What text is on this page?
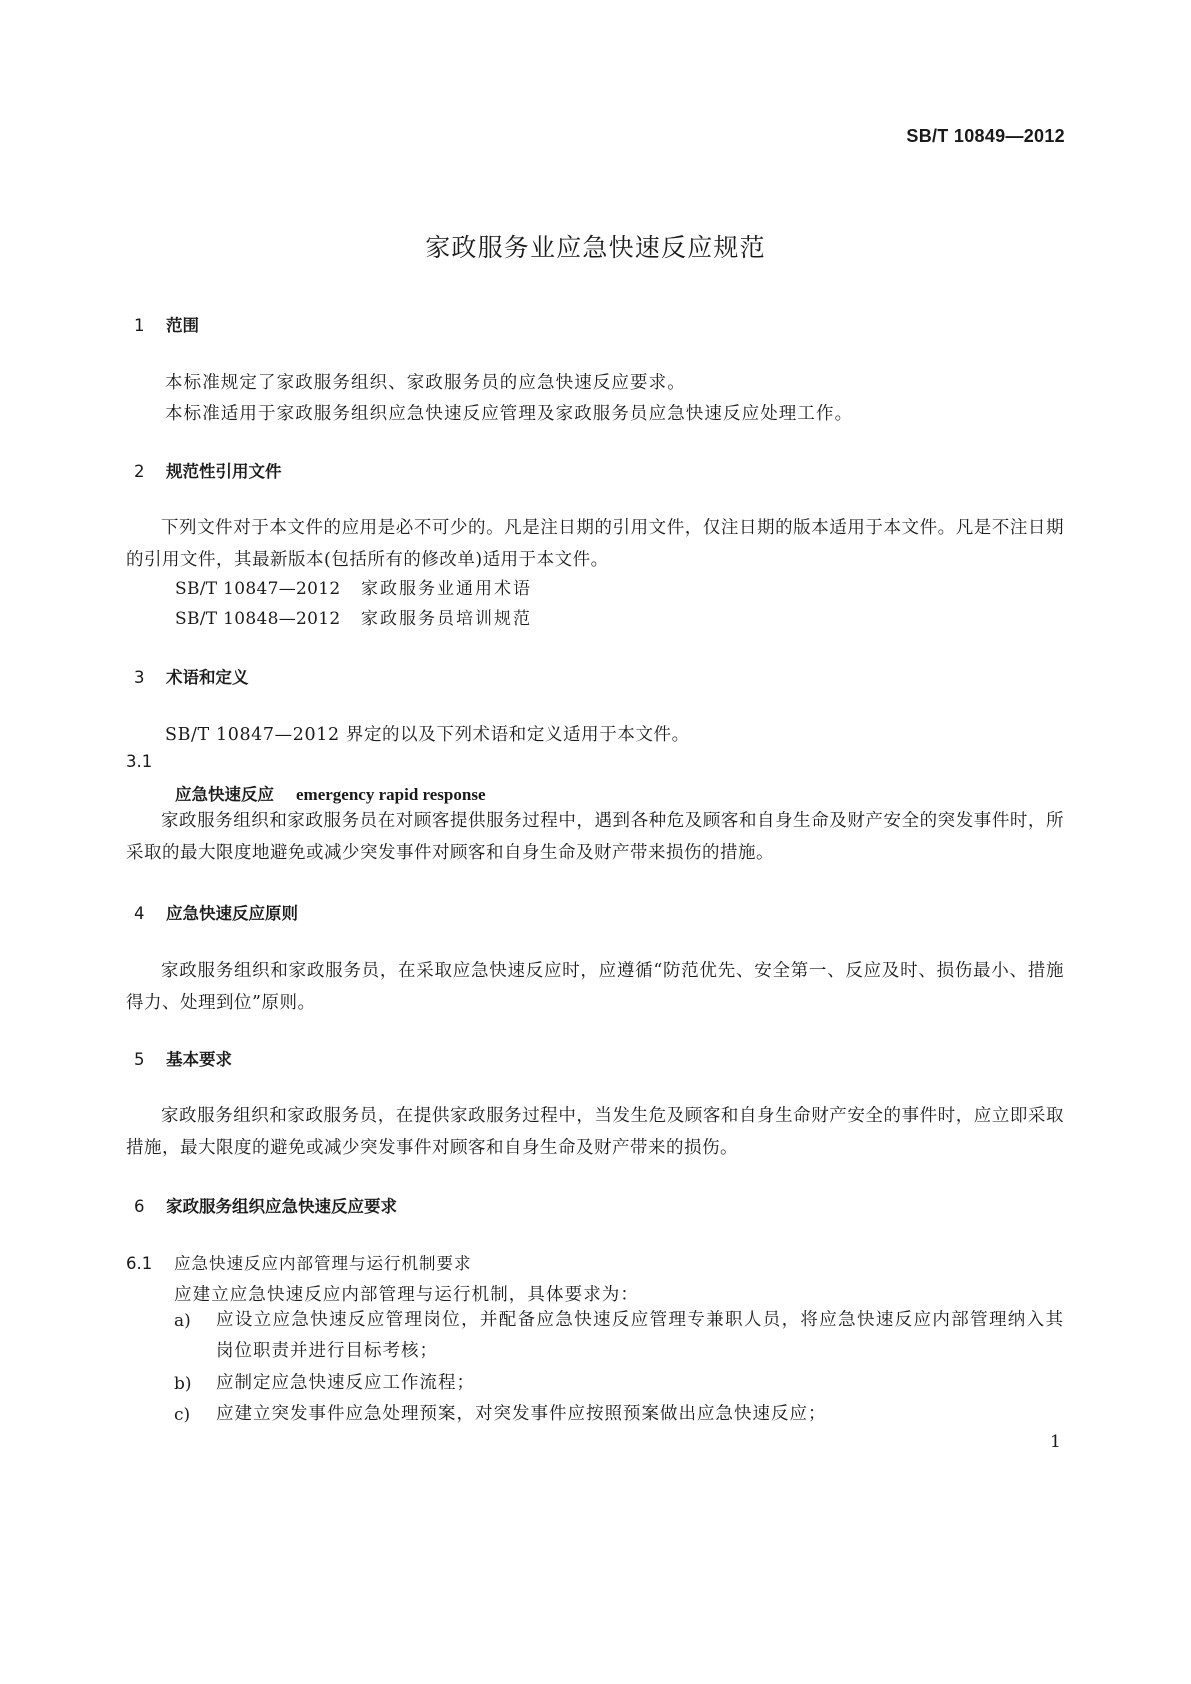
SB/T 10849—2012
家政服务业应急快速反应规范
1 范围
本标准规定了家政服务组织、家政服务员的应急快速反应要求。
本标准适用于家政服务组织应急快速反应管理及家政服务员应急快速反应处理工作。
2 规范性引用文件
下列文件对于本文件的应用是必不可少的。凡是注日期的引用文件，仅注日期的版本适用于本文件。凡是不注日期的引用文件，其最新版本(包括所有的修改单)适用于本文件。
SB/T 10847—2012 家政服务业通用术语
SB/T 10848—2012 家政服务员培训规范
3 术语和定义
SB/T 10847—2012 界定的以及下列术语和定义适用于本文件。
3.1
应急快速反应 emergency rapid response
家政服务组织和家政服务员在对顾客提供服务过程中，遇到各种危及顾客和自身生命及财产安全的突发事件时，所采取的最大限度地避免或减少突发事件对顾客和自身生命及财产带来损伤的措施。
4 应急快速反应原则
家政服务组织和家政服务员，在采取应急快速反应时，应遵循“防范优先、安全第一、反应及时、损伤最小、措施得力、处理到位”原则。
5 基本要求
家政服务组织和家政服务员，在提供家政服务过程中，当发生危及顾客和自身生命财产安全的事件时，应立即采取措施，最大限度的避免或减少突发事件对顾客和自身生命及财产带来的损伤。
6 家政服务组织应急快速反应要求
6.1 应急快速反应内部管理与运行机制要求
应建立应急快速反应内部管理与运行机制，具体要求为：
a) 应设立应急快速反应管理岗位，并配备应急快速反应管理专兼职人员，将应急快速反应内部管理纳入其岗位职责并进行目标考核；
b) 应制定应急快速反应工作流程；
c) 应建立突发事件应急处理预案，对突发事件应按照预案做出应急快速反应；
1
